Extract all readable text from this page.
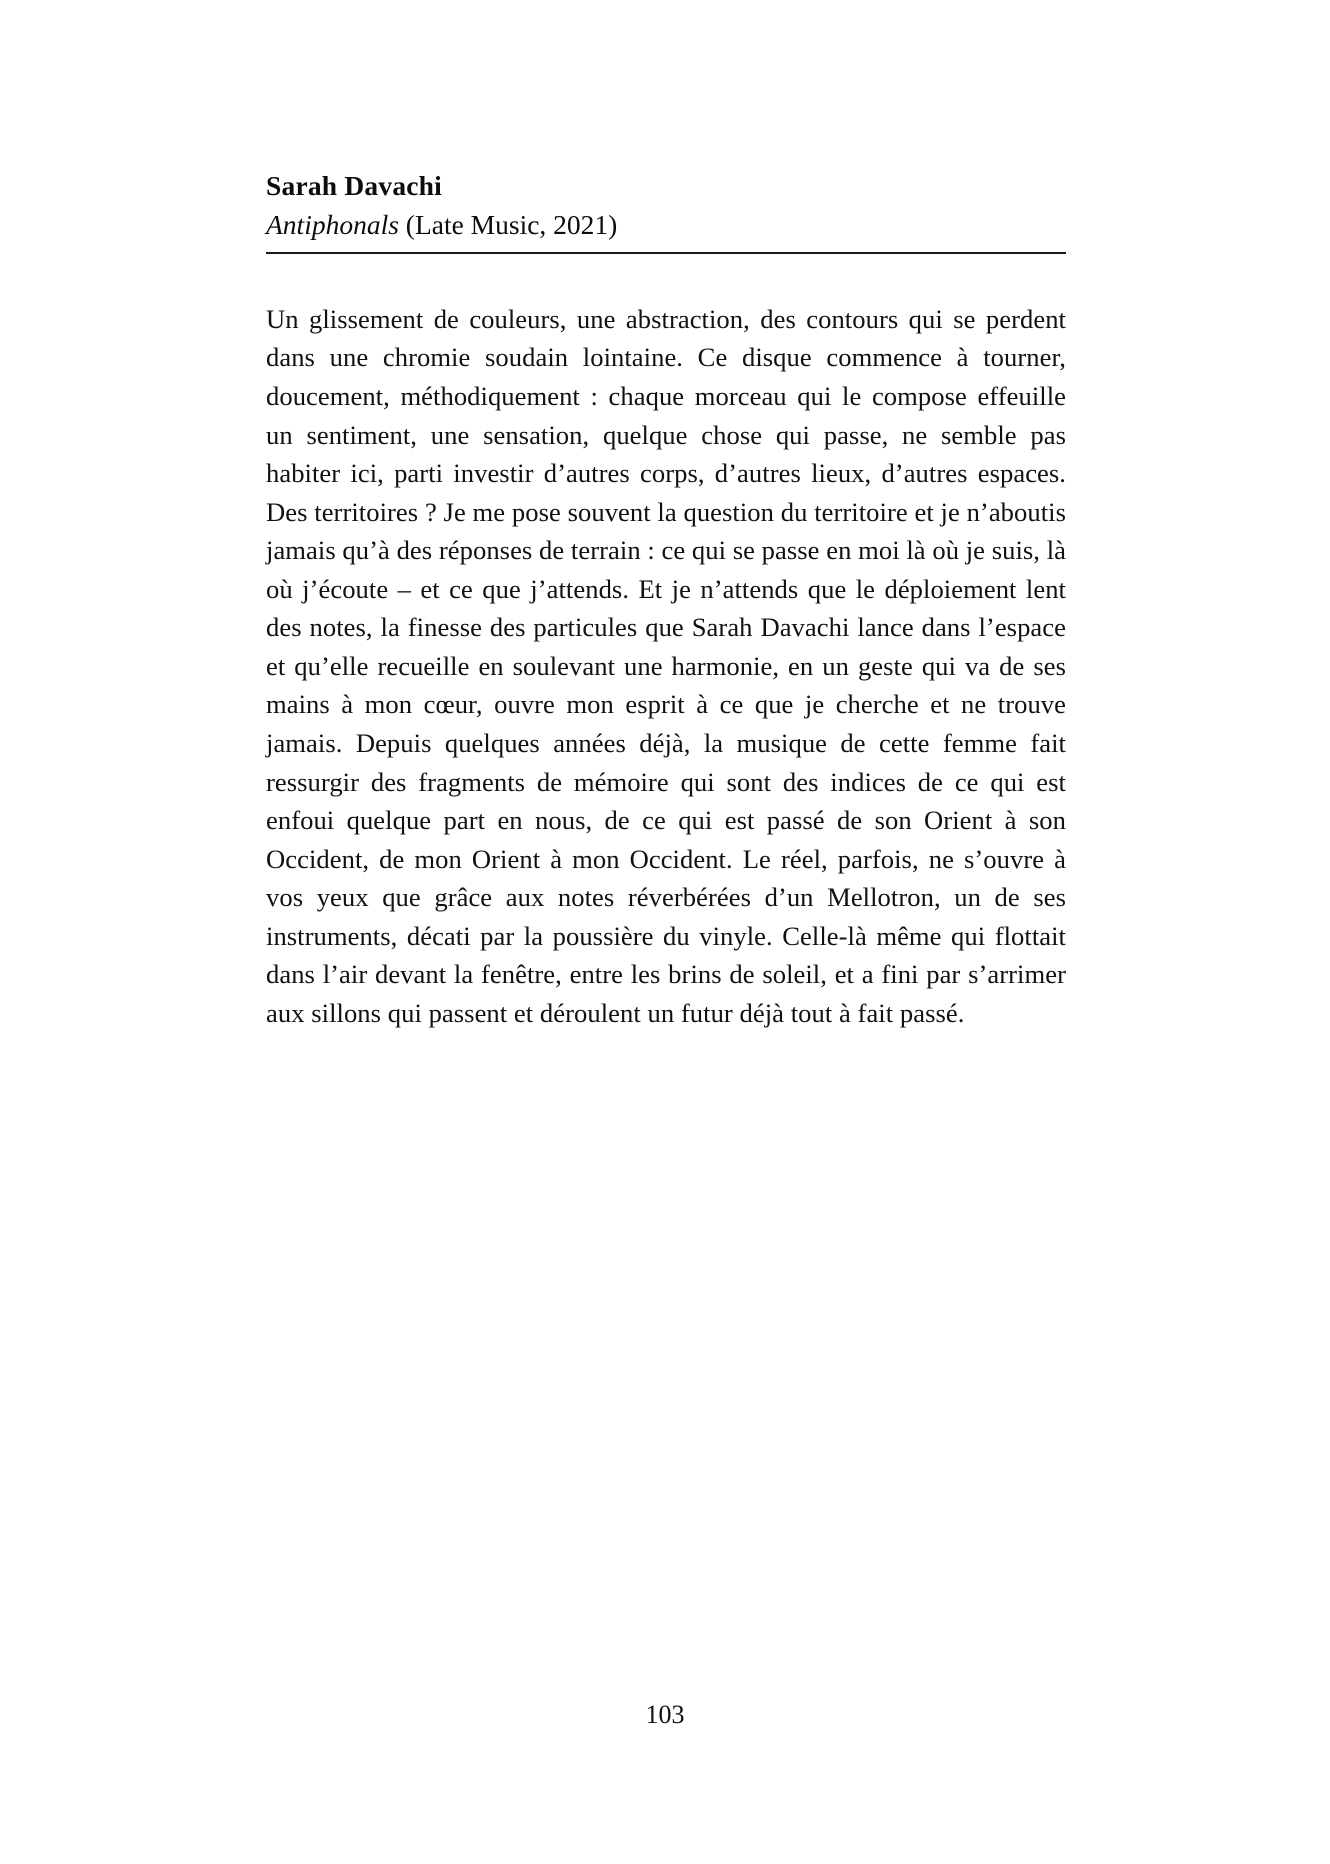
Sarah Davachi
Antiphonals (Late Music, 2021)

Un glissement de couleurs, une abstraction, des contours qui se perdent dans une chromie soudain lointaine. Ce disque commence à tourner, doucement, méthodiquement : chaque morceau qui le compose effeuille un sentiment, une sensation, quelque chose qui passe, ne semble pas habiter ici, parti investir d’autres corps, d’autres lieux, d’autres espaces. Des territoires ? Je me pose souvent la question du territoire et je n’aboutis jamais qu’à des réponses de terrain : ce qui se passe en moi là où je suis, là où j’écoute – et ce que j’attends. Et je n’attends que le déploiement lent des notes, la finesse des particules que Sarah Davachi lance dans l’espace et qu’elle recueille en soulevant une harmonie, en un geste qui va de ses mains à mon cœur, ouvre mon esprit à ce que je cherche et ne trouve jamais. Depuis quelques années déjà, la musique de cette femme fait ressurgir des fragments de mémoire qui sont des indices de ce qui est enfoui quelque part en nous, de ce qui est passé de son Orient à son Occident, de mon Orient à mon Occident. Le réel, parfois, ne s’ouvre à vos yeux que grâce aux notes réverbérées d’un Mellotron, un de ses instruments, décati par la poussière du vinyle. Celle-là même qui flottait dans l’air devant la fenêtre, entre les brins de soleil, et a fini par s’arrimer aux sillons qui passent et déroulent un futur déjà tout à fait passé.

103
